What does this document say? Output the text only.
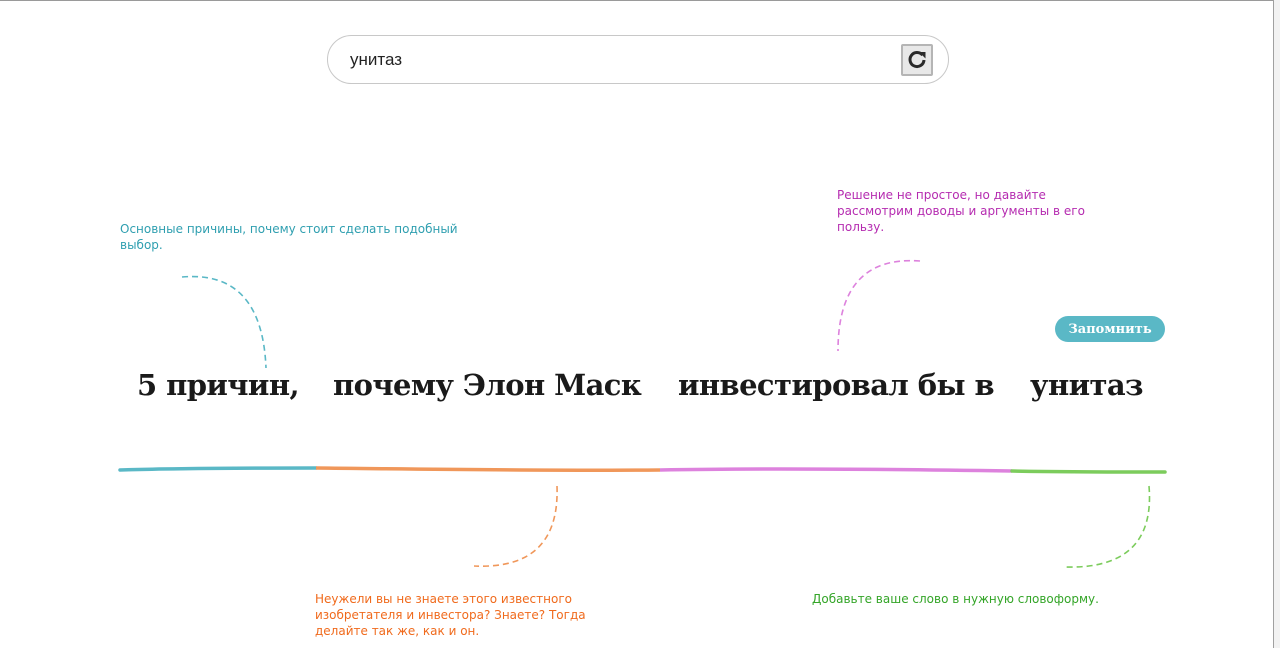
унитаз
Основные причины, почему стоит сделать подобный выбор.
Решение не простое, но давайте рассмотрим доводы и аргументы в его пользу.
Неужели вы не знаете этого известного изобретателя и инвестора? Знаете? Тогда делайте так же, как и он.
Добавьте ваше слово в нужную словоформу.
Запомнить
5 причин, почему Элон Маск инвестировал бы в унитаз
